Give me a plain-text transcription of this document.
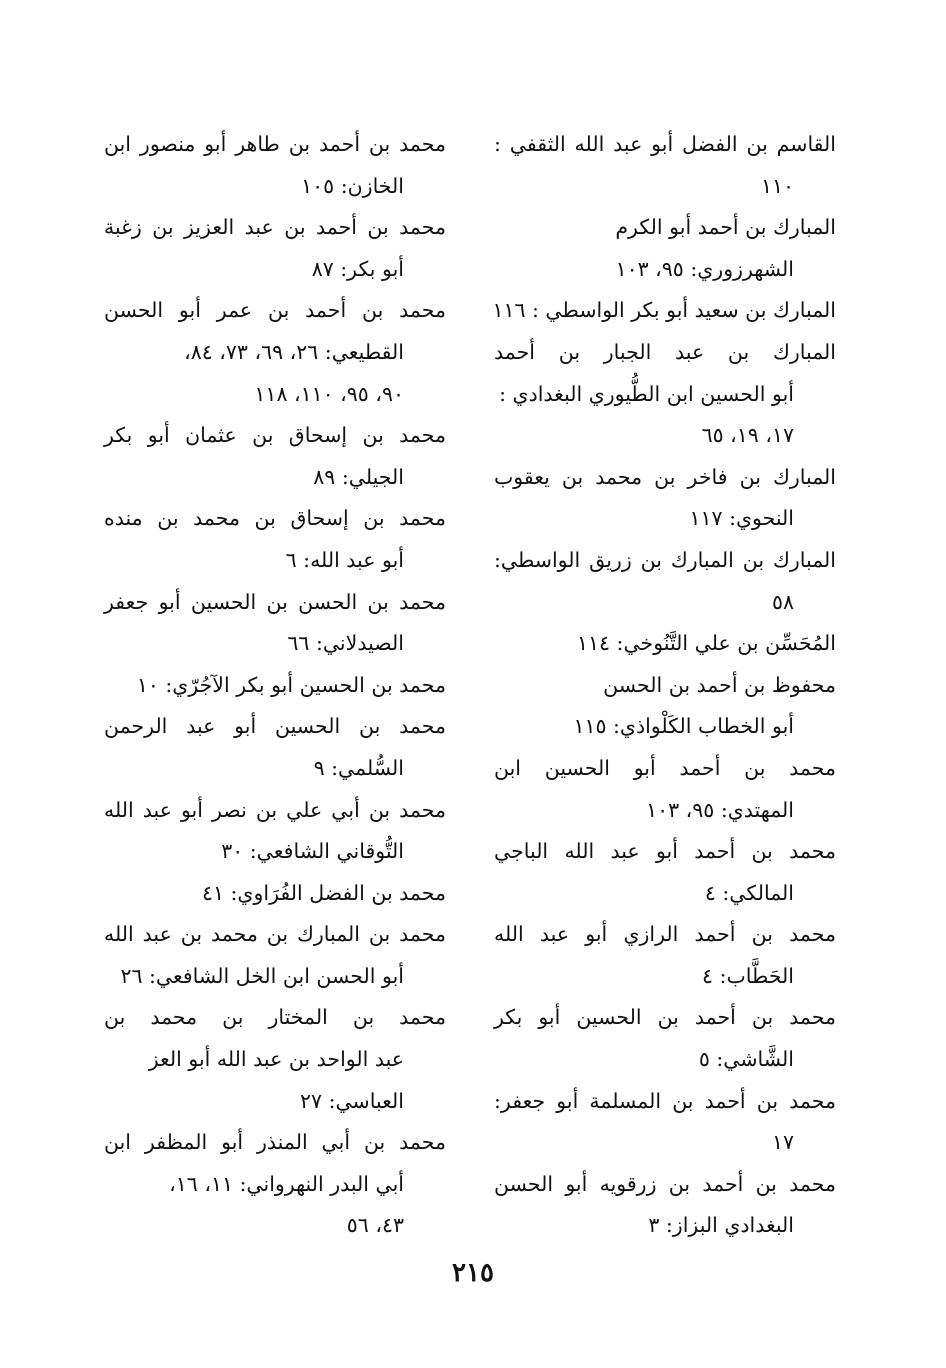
القاسم بن الفضل أبو عبد الله الثقفي :
١١٠
المبارك بن أحمد أبو الكرم
الشهرزوري: ٩٥، ١٠٣
المبارك بن سعيد أبو بكر الواسطي : ١١٦
المبارك بن عبد الجبار بن أحمد
أبو الحسين ابن الطُّيوري البغدادي :
١٧، ١٩، ٦٥
المبارك بن فاخر بن محمد بن يعقوب
النحوي: ١١٧
المبارك بن المبارك بن زريق الواسطي:
٥٨
المُحَسِّن بن علي التَّنُوخي: ١١٤
محفوظ بن أحمد بن الحسن
أبو الخطاب الكَلْواذي: ١١٥
محمد بن أحمد أبو الحسين ابن
المهتدي: ٩٥، ١٠٣
محمد بن أحمد أبو عبد الله الباجي
المالكي: ٤
محمد بن أحمد الرازي أبو عبد الله
الحَطَّاب: ٤
محمد بن أحمد بن الحسين أبو بكر
الشَّاشي: ٥
محمد بن أحمد بن المسلمة أبو جعفر:
١٧
محمد بن أحمد بن زرقويه أبو الحسن
البغدادي البزاز: ٣
محمد بن أحمد بن طاهر أبو منصور ابن
الخازن: ١٠٥
محمد بن أحمد بن عبد العزيز بن زغبة
أبو بكر: ٨٧
محمد بن أحمد بن عمر أبو الحسن
القطيعي: ٢٦، ٦٩، ٧٣، ٨٤،
٩٠، ٩٥، ١١٠، ١١٨
محمد بن إسحاق بن عثمان أبو بكر
الجيلي: ٨٩
محمد بن إسحاق بن محمد بن منده
أبو عبد الله: ٦
محمد بن الحسن بن الحسين أبو جعفر
الصيدلاني: ٦٦
محمد بن الحسين أبو بكر الآجُرّي: ١٠
محمد بن الحسين أبو عبد الرحمن
السُّلمي: ٩
محمد بن أبي علي بن نصر أبو عبد الله
التُّوقاني الشافعي: ٣٠
محمد بن الفضل الفُرَاوي: ٤١
محمد بن المبارك بن محمد بن عبد الله
أبو الحسن ابن الخل الشافعي: ٢٦
محمد بن المختار بن محمد بن
عبد الواحد بن عبد الله أبو العز
العباسي: ٢٧
محمد بن أبي المنذر أبو المظفر ابن
أبي البدر النهرواني: ١١، ١٦،
٤٣، ٥٦
٢١٥
